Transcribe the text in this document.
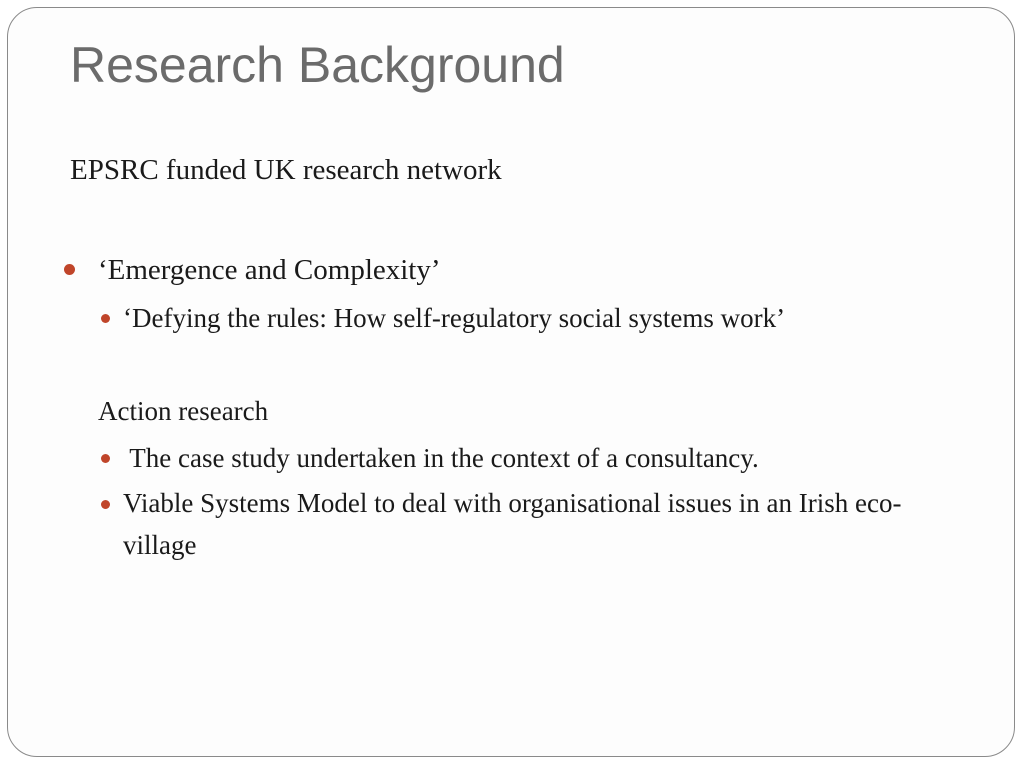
Research Background

EPSRC funded UK research network

‘Emergence and Complexity’

‘Defying the rules: How self-regulatory social systems work’

Action research

The case study undertaken in the context of a consultancy.

Viable Systems Model to deal with organisational issues in an Irish eco-village
